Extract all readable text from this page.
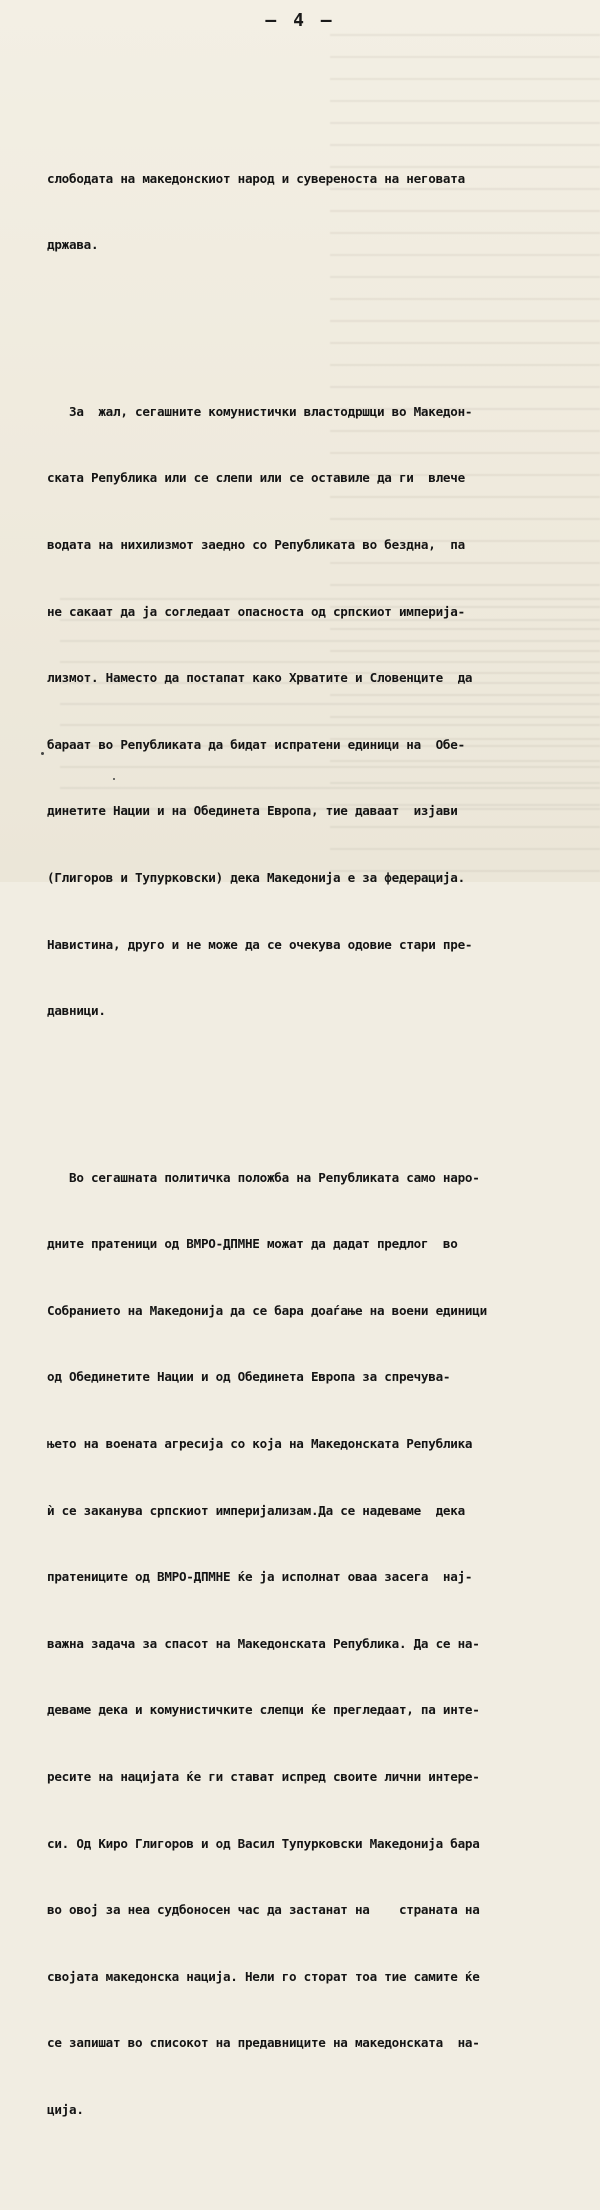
— 4 —

слободата на македонскиот народ и сувереноста на неговата

држава.

За  жал, сегашните комунистички властодршци во Македон-

ската Република или се слепи или се оставиле да ги  влече

водата на нихилизмот заедно со Републиката во бездна,  па

не сакаат да ја согледаат опасноста од српскиот империја-

лизмот. Наместо да постапат како Хрватите и Словенците  да

бараат во Републиката да бидат испратени единици на  Обе-

динетите Нации и на Обединета Европа, тие даваат  изјави

(Глигоров и Тупурковски) дека Македонија е за федерација.

Навистина, друго и не може да се очекува одовие стари пре-

давници.

Во сегашната политичка положба на Републиката само наро-

дните пратеници од ВМРО-ДПМНЕ можат да дадат предлог  во

Собранието на Македонија да се бара доаѓање на воени единици

од Обединетите Нации и од Обединета Европа за спречува-

њето на воената агресија со која на Македонската Република

ѝ се закaнува српскиот империјализам.Да се надеваме  дека

пратениците од ВМРО-ДПМНЕ ќе ја исполнат оваа засега  нај-

важна задача за спасот на Македонската Република. Да се на-

деваме дека и комунистичките слепци ќе прегледаат, па инте-

ресите на нацијата ќе ги стават испред своите лични интере-

си. Од Киро Глигоров и од Васил Тупурковски Македонија бара

во овој за неа судбоносен час да застанат на    страната на

својата македонска нација. Нели го сторат тоа тие самите ќе

се запишат во списокот на предавниците на македонската  на-

ција.
